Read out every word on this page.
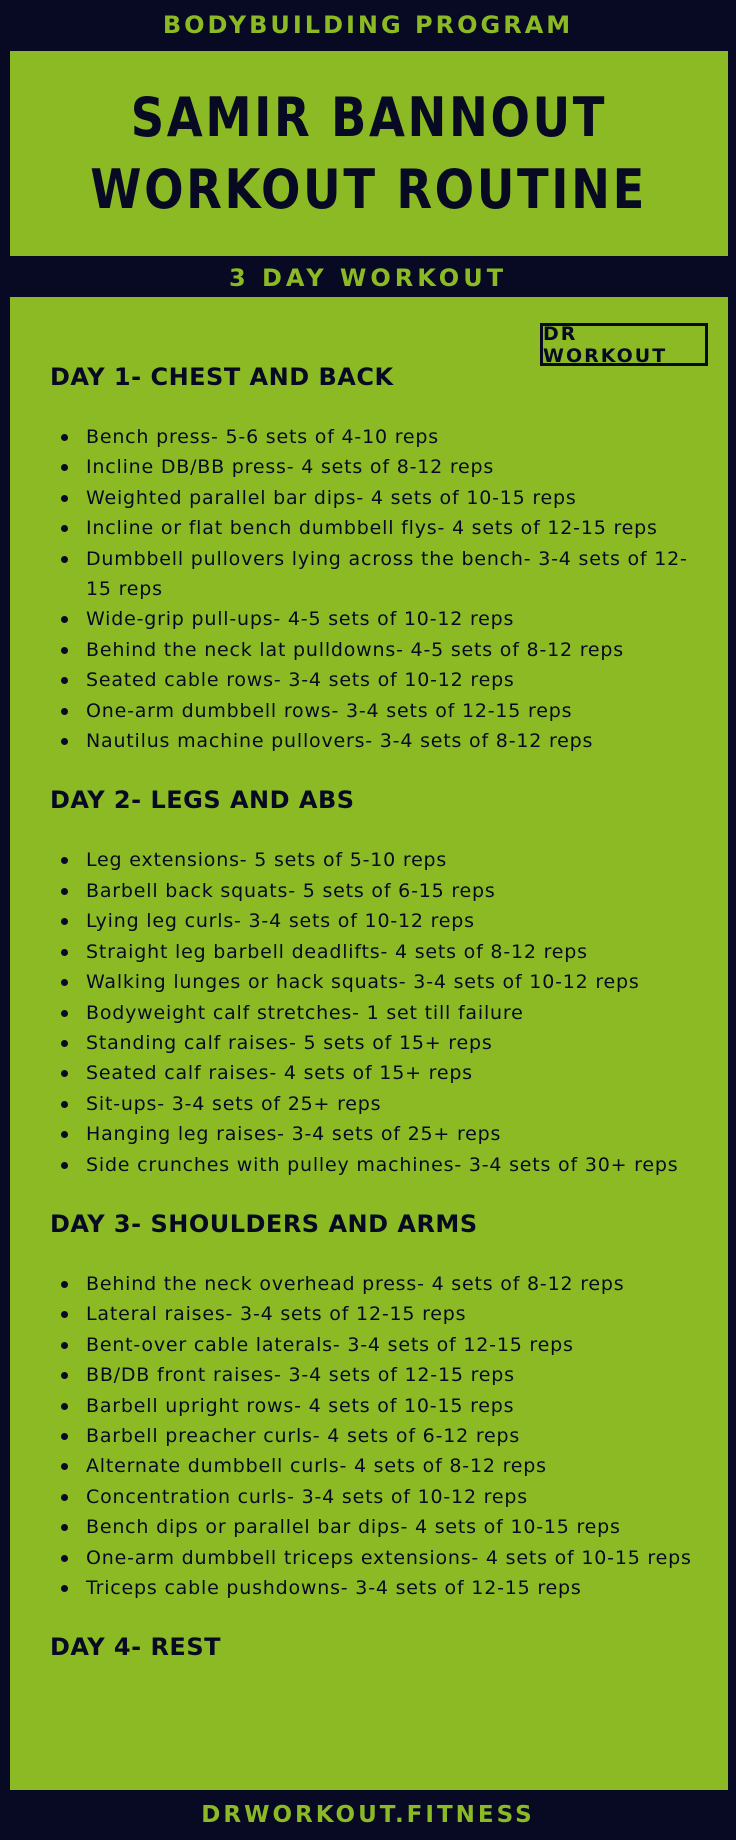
BODYBUILDING PROGRAM
SAMIR BANNOUT
WORKOUT ROUTINE
3 DAY WORKOUT
DR WORKOUT
DAY 1- CHEST AND BACK
Bench press- 5-6 sets of 4-10 reps
Incline DB/BB press- 4 sets of 8-12 reps
Weighted parallel bar dips- 4 sets of 10-15 reps
Incline or flat bench dumbbell flys- 4 sets of 12-15 reps
Dumbbell pullovers lying across the bench- 3-4 sets of 12-15 reps
Wide-grip pull-ups- 4-5 sets of 10-12 reps
Behind the neck lat pulldowns- 4-5 sets of 8-12 reps
Seated cable rows- 3-4 sets of 10-12 reps
One-arm dumbbell rows- 3-4 sets of 12-15 reps
Nautilus machine pullovers- 3-4 sets of 8-12 reps
DAY 2- LEGS AND ABS
Leg extensions- 5 sets of 5-10 reps
Barbell back squats- 5 sets of 6-15 reps
Lying leg curls- 3-4 sets of 10-12 reps
Straight leg barbell deadlifts- 4 sets of 8-12 reps
Walking lunges or hack squats- 3-4 sets of 10-12 reps
Bodyweight calf stretches- 1 set till failure
Standing calf raises- 5 sets of 15+ reps
Seated calf raises- 4 sets of 15+ reps
Sit-ups- 3-4 sets of 25+ reps
Hanging leg raises- 3-4 sets of 25+ reps
Side crunches with pulley machines- 3-4 sets of 30+ reps
DAY 3- SHOULDERS AND ARMS
Behind the neck overhead press- 4 sets of 8-12 reps
Lateral raises- 3-4 sets of 12-15 reps
Bent-over cable laterals- 3-4 sets of 12-15 reps
BB/DB front raises- 3-4 sets of 12-15 reps
Barbell upright rows- 4 sets of 10-15 reps
Barbell preacher curls- 4 sets of 6-12 reps
Alternate dumbbell curls- 4 sets of 8-12 reps
Concentration curls- 3-4 sets of 10-12 reps
Bench dips or parallel bar dips- 4 sets of 10-15 reps
One-arm dumbbell triceps extensions- 4 sets of 10-15 reps
Triceps cable pushdowns- 3-4 sets of 12-15 reps
DAY 4- REST
DRWORKOUT.FITNESS
